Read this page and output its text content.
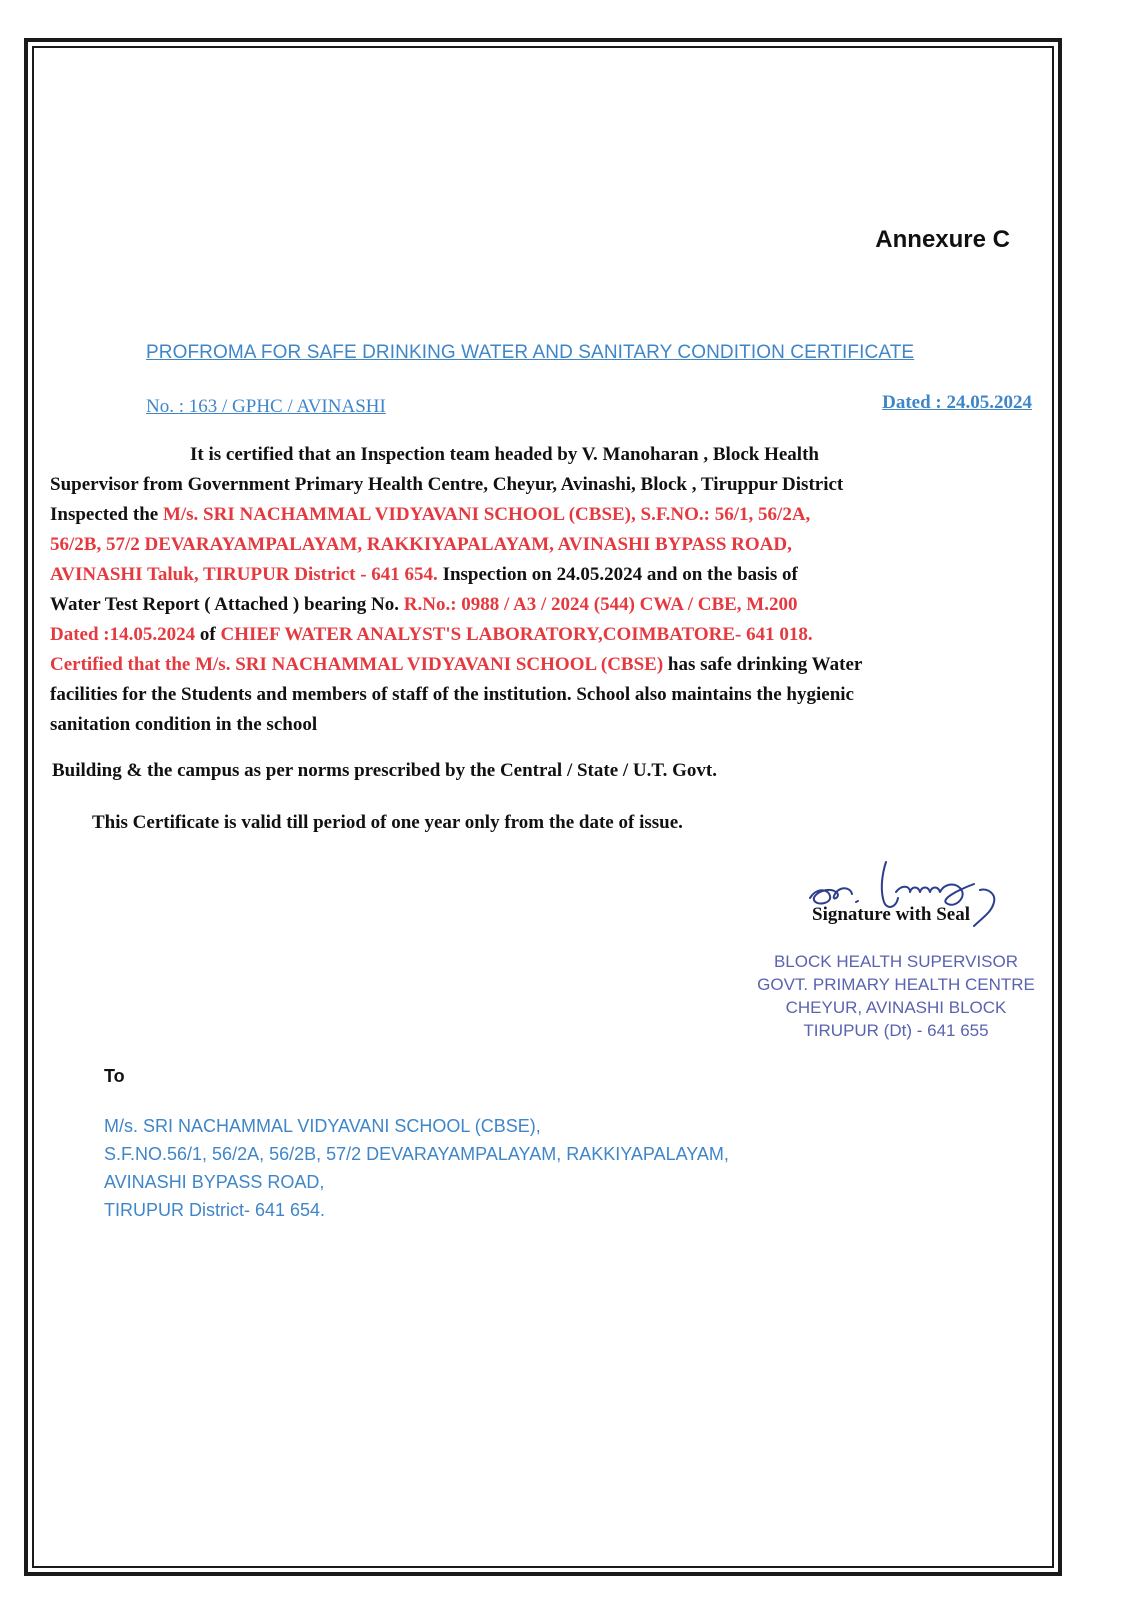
Annexure C
PROFROMA FOR SAFE DRINKING WATER AND SANITARY CONDITION CERTIFICATE
No. : 163 / GPHC / AVINASHI	Dated : 24.05.2024
It is certified that an Inspection team headed by V. Manoharan , Block Health
Supervisor from Government Primary Health Centre, Cheyur, Avinashi, Block , Tiruppur District
Inspected the M/s. SRI NACHAMMAL VIDYAVANI SCHOOL (CBSE), S.F.NO.: 56/1, 56/2A,
56/2B, 57/2 DEVARAYAMPALAYAM, RAKKIYAPALAYAM, AVINASHI BYPASS ROAD,
AVINASHI Taluk, TIRUPUR District - 641 654. Inspection on 24.05.2024 and on the basis of
Water Test Report ( Attached ) bearing No. R.No.: 0988 / A3 / 2024 (544) CWA / CBE, M.200
Dated :14.05.2024 of CHIEF WATER ANALYST'S LABORATORY,COIMBATORE- 641 018.
Certified that the M/s. SRI NACHAMMAL VIDYAVANI SCHOOL (CBSE) has safe drinking Water
facilities for the Students and members of staff of the institution. School also maintains the hygienic
sanitation condition in the school
Building & the campus as per norms prescribed by the Central / State / U.T. Govt.
This Certificate is valid till period of one year only from the date of issue.
Signature with Seal
BLOCK HEALTH SUPERVISOR
GOVT. PRIMARY HEALTH CENTRE
CHEYUR, AVINASHI BLOCK
TIRUPUR (Dt) - 641 655
To
M/s. SRI NACHAMMAL VIDYAVANI SCHOOL (CBSE),
S.F.NO.56/1, 56/2A, 56/2B, 57/2 DEVARAYAMPALAYAM, RAKKIYAPALAYAM,
AVINASHI BYPASS ROAD,
TIRUPUR District- 641 654.
